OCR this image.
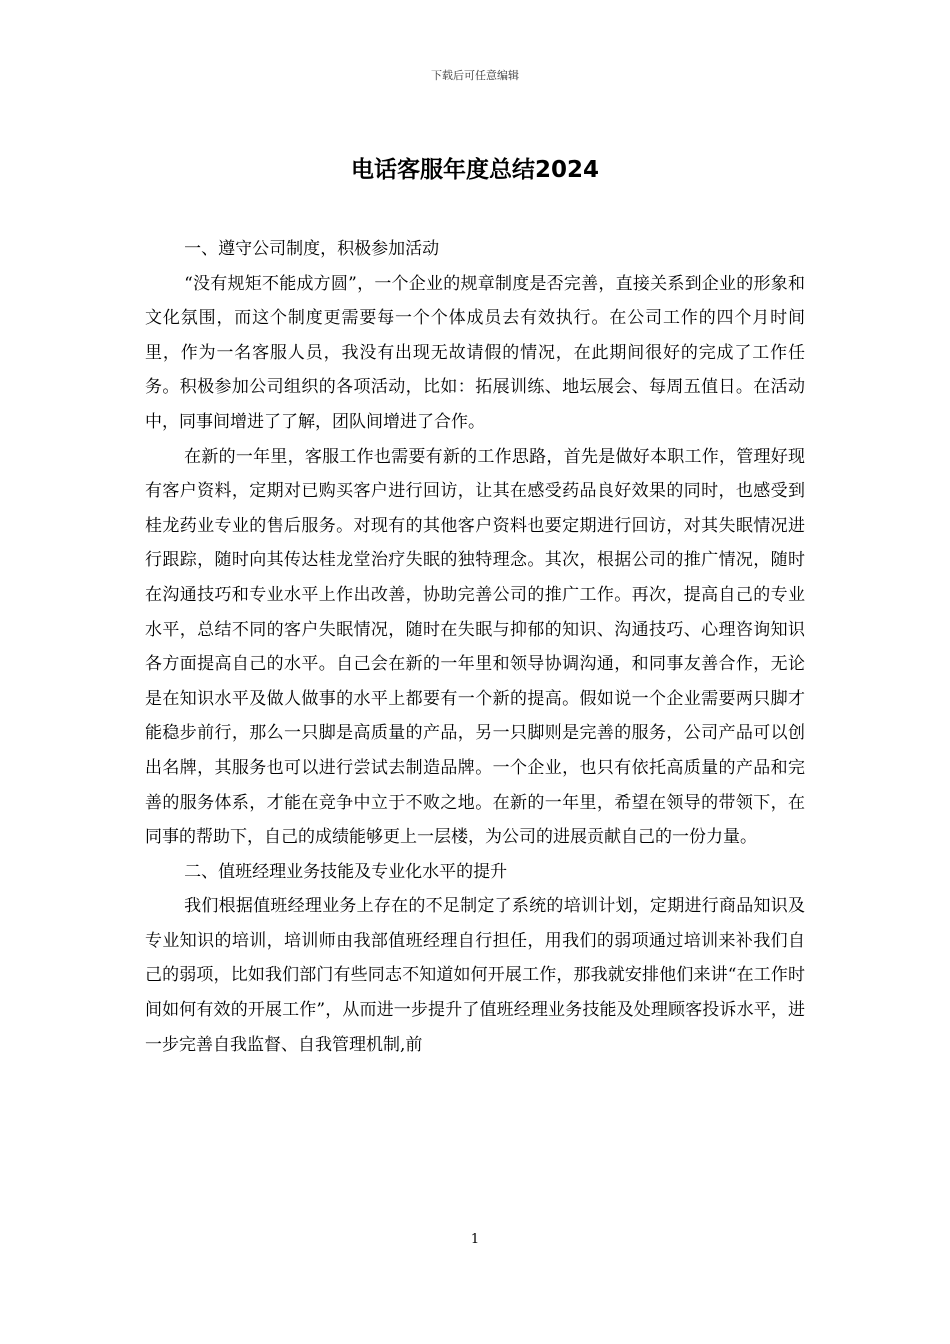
下载后可任意编辑
电话客服年度总结2024

一、遵守公司制度，积极参加活动

“没有规矩不能成方圆”，一个企业的规章制度是否完善，直接关系到企业的形象和文化氛围，而这个制度更需要每一个个体成员去有效执行。在公司工作的四个月时间里，作为一名客服人员，我没有出现无故请假的情况，在此期间很好的完成了工作任务。积极参加公司组织的各项活动，比如：拓展训练、地坛展会、每周五值日。在活动中，同事间增进了了解，团队间增进了合作。

在新的一年里，客服工作也需要有新的工作思路，首先是做好本职工作，管理好现有客户资料，定期对已购买客户进行回访，让其在感受药品良好效果的同时，也感受到桂龙药业专业的售后服务。对现有的其他客户资料也要定期进行回访，对其失眠情况进行跟踪，随时向其传达桂龙堂治疗失眠的独特理念。其次，根据公司的推广情况，随时在沟通技巧和专业水平上作出改善，协助完善公司的推广工作。再次，提高自己的专业水平，总结不同的客户失眠情况，随时在失眠与抑郁的知识、沟通技巧、心理咨询知识各方面提高自己的水平。自己会在新的一年里和领导协调沟通，和同事友善合作，无论是在知识水平及做人做事的水平上都要有一个新的提高。假如说一个企业需要两只脚才能稳步前行，那么一只脚是高质量的产品，另一只脚则是完善的服务，公司产品可以创出名牌，其服务也可以进行尝试去制造品牌。一个企业，也只有依托高质量的产品和完善的服务体系，才能在竞争中立于不败之地。在新的一年里，希望在领导的带领下，在同事的帮助下，自己的成绩能够更上一层楼，为公司的进展贡献自己的一份力量。

二、值班经理业务技能及专业化水平的提升

我们根据值班经理业务上存在的不足制定了系统的培训计划，定期进行商品知识及专业知识的培训，培训师由我部值班经理自行担任，用我们的弱项通过培训来补我们自己的弱项，比如我们部门有些同志不知道如何开展工作，那我就安排他们来讲“在工作时间如何有效的开展工作”，从而进一步提升了值班经理业务技能及处理顾客投诉水平，进一步完善自我监督、自我管理机制,前

1
